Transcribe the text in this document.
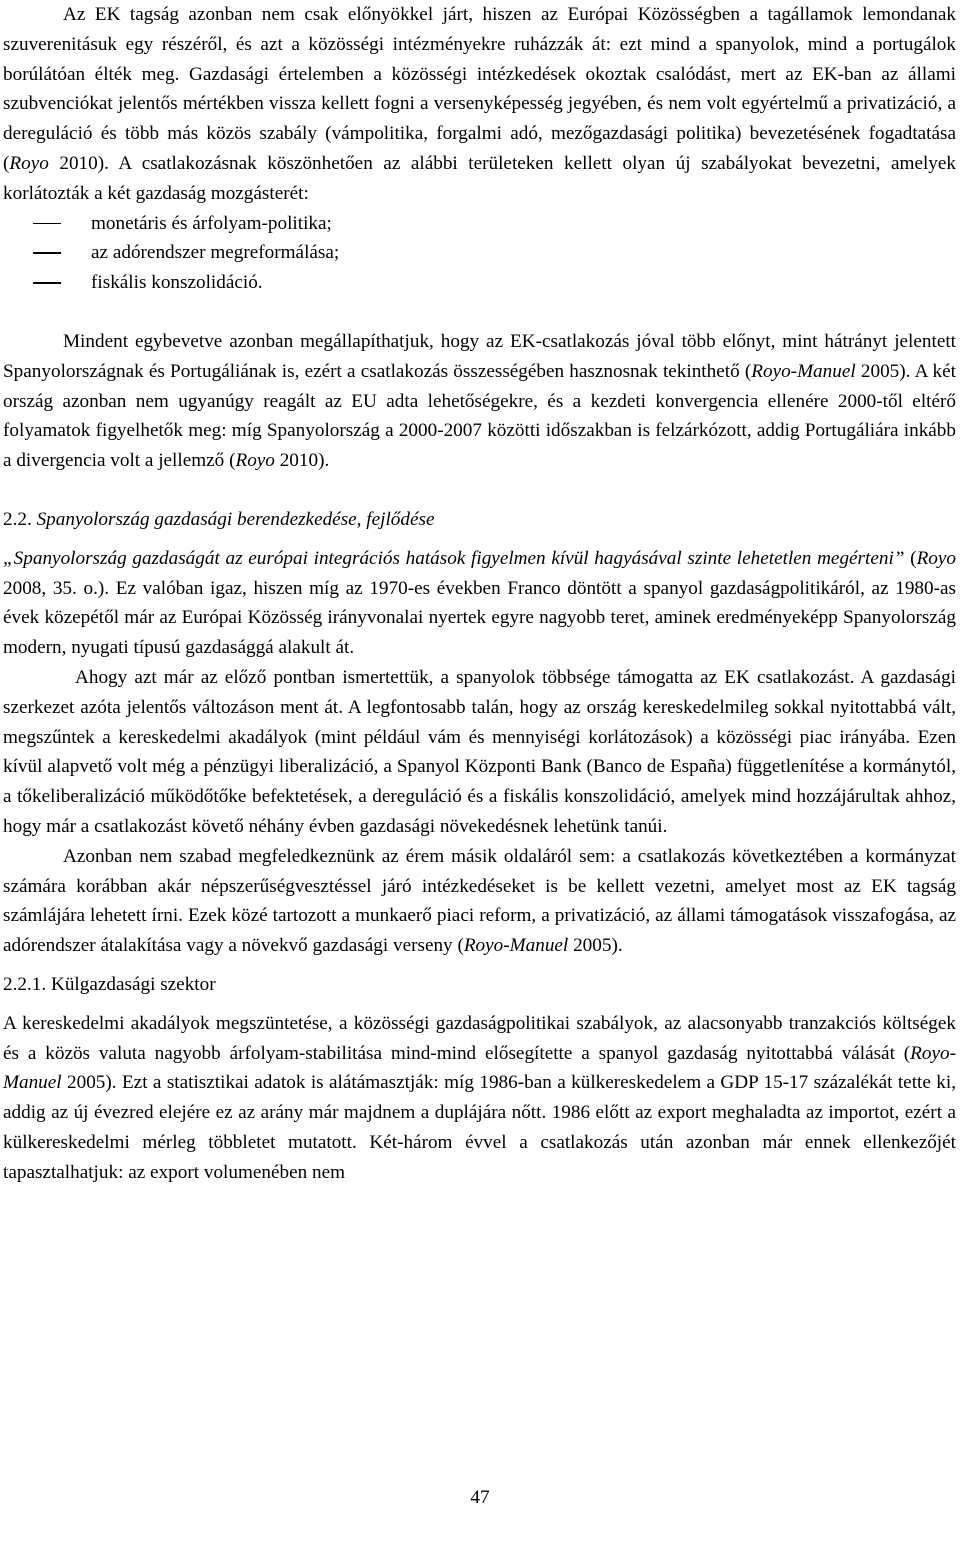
Az EK tagság azonban nem csak előnyökkel járt, hiszen az Európai Közösségben a tagállamok lemondanak szuverenitásuk egy részéről, és azt a közösségi intézményekre ruházzák át: ezt mind a spanyolok, mind a portugálok borúlátóan élték meg. Gazdasági értelemben a közösségi intézkedések okoztak csalódást, mert az EK-ban az állami szubvenciókat jelentős mértékben vissza kellett fogni a versenyképesség jegyében, és nem volt egyértelmű a privatizáció, a dereguláció és több más közös szabály (vámpolitika, forgalmi adó, mezőgazdasági politika) bevezetésének fogadtatása (Royo 2010). A csatlakozásnak köszönhetően az alábbi területeken kellett olyan új szabályokat bevezetni, amelyek korlátozták a két gazdaság mozgásterét:

monetáris és árfolyam-politika;
az adórendszer megreformálása;
fiskális konszolidáció.

Mindent egybevetve azonban megállapíthatjuk, hogy az EK-csatlakozás jóval több előnyt, mint hátrányt jelentett Spanyolországnak és Portugáliának is, ezért a csatlakozás összességében hasznosnak tekinthető (Royo-Manuel 2005). A két ország azonban nem ugyanúgy reagált az EU adta lehetőségekre, és a kezdeti konvergencia ellenére 2000-től eltérő folyamatok figyelhetők meg: míg Spanyolország a 2000-2007 közötti időszakban is felzárkózott, addig Portugáliára inkább a divergencia volt a jellemző (Royo 2010).

2.2. Spanyolország gazdasági berendezkedése, fejlődése

„Spanyolország gazdaságát az európai integrációs hatások figyelmen kívül hagyásával szinte lehetetlen megérteni” (Royo 2008, 35. o.). Ez valóban igaz, hiszen míg az 1970-es években Franco döntött a spanyol gazdaságpolitikáról, az 1980-as évek közepétől már az Európai Közösség irányvonalai nyertek egyre nagyobb teret, aminek eredményeképp Spanyolország modern, nyugati típusú gazdasággá alakult át.

Ahogy azt már az előző pontban ismertettük, a spanyolok többsége támogatta az EK csatlakozást. A gazdasági szerkezet azóta jelentős változáson ment át. A legfontosabb talán, hogy az ország kereskedelmileg sokkal nyitottabbá vált, megszűntek a kereskedelmi akadályok (mint például vám és mennyiségi korlátozások) a közösségi piac irányába. Ezen kívül alapvető volt még a pénzügyi liberalizáció, a Spanyol Központi Bank (Banco de España) függetlenítése a kormánytól, a tőkeliberalizáció működőtőke befektetések, a dereguláció és a fiskális konszolidáció, amelyek mind hozzájárultak ahhoz, hogy már a csatlakozást követő néhány évben gazdasági növekedésnek lehetünk tanúi.

Azonban nem szabad megfeledkeznünk az érem másik oldaláról sem: a csatlakozás következtében a kormányzat számára korábban akár népszerűségvesztéssel járó intézkedéseket is be kellett vezetni, amelyet most az EK tagság számlájára lehetett írni. Ezek közé tartozott a munkaerő piaci reform, a privatizáció, az állami támogatások visszafogása, az adórendszer átalakítása vagy a növekvő gazdasági verseny (Royo-Manuel 2005).

2.2.1. Külgazdasági szektor

A kereskedelmi akadályok megszüntetése, a közösségi gazdaságpolitikai szabályok, az alacsonyabb tranzakciós költségek és a közös valuta nagyobb árfolyam-stabilitása mind-mind elősegítette a spanyol gazdaság nyitottabbá válását (Royo-Manuel 2005). Ezt a statisztikai adatok is alátámasztják: míg 1986-ban a külkereskedelem a GDP 15-17 százalékát tette ki, addig az új évezred elejére ez az arány már majdnem a duplájára nőtt. 1986 előtt az export meghaladta az importot, ezért a külkereskedelmi mérleg többletet mutatott. Két-három évvel a csatlakozás után azonban már ennek ellenkezőjét tapasztalhatjuk: az export volumenében nem

47
